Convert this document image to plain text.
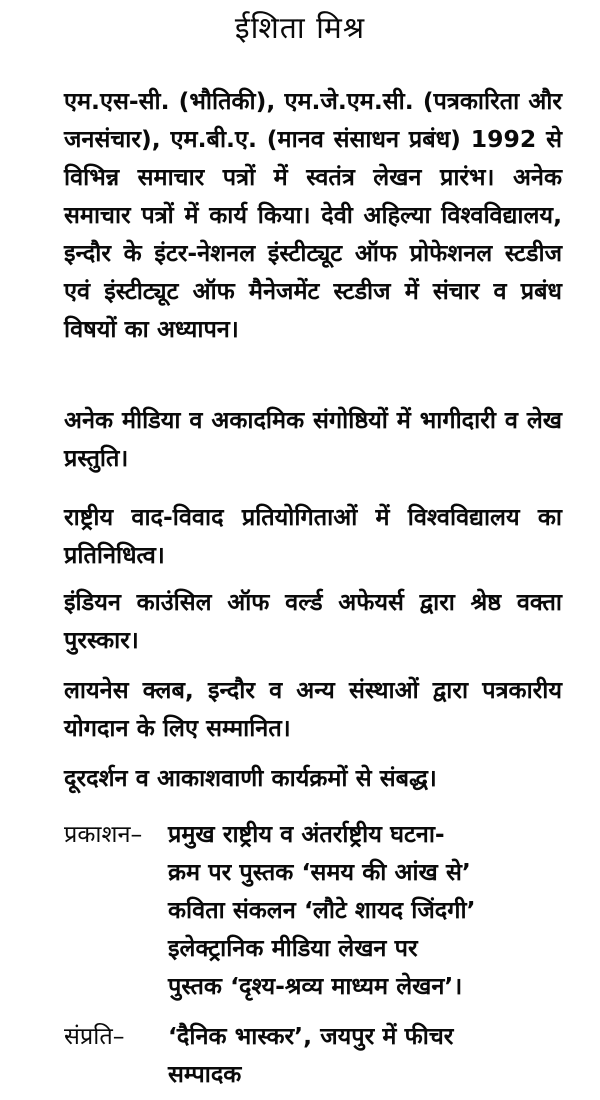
ईशिता मिश्र

एम.एस-सी. (भौतिकी), एम.जे.एम.सी. (पत्रकारिता और जनसंचार), एम.बी.ए. (मानव संसाधन प्रबंध) 1992 से विभिन्न समाचार पत्रों में स्वतंत्र लेखन प्रारंभ। अनेक समाचार पत्रों में कार्य किया। देवी अहिल्या विश्वविद्यालय, इन्दौर के इंटर-नेशनल इंस्टीट्यूट ऑफ प्रोफेशनल स्टडीज एवं इंस्टीट्यूट ऑफ मैनेजमेंट स्टडीज में संचार व प्रबंध विषयों का अध्यापन।

अनेक मीडिया व अकादमिक संगोष्ठियों में भागीदारी व लेख प्रस्तुति।

राष्ट्रीय वाद-विवाद प्रतियोगिताओं में विश्वविद्यालय का प्रतिनिधित्व।

इंडियन काउंसिल ऑफ वर्ल्ड अफेयर्स द्वारा श्रेष्ठ वक्ता पुरस्कार।

लायनेस क्लब, इन्दौर व अन्य संस्थाओं द्वारा पत्रकारीय योगदान के लिए सम्मानित।

दूरदर्शन व आकाशवाणी कार्यक्रमों से संबद्ध।

प्रकाशन– प्रमुख राष्ट्रीय व अंतर्राष्ट्रीय घटना-
क्रम पर पुस्तक ‘समय की आंख से’
कविता संकलन ‘लौटे शायद जिंदगी’
इलेक्ट्रानिक मीडिया लेखन पर
पुस्तक ‘दृश्य-श्रव्य माध्यम लेखन’।
संप्रति– ‘दैनिक भास्कर’, जयपुर में फीचर
सम्पादक
